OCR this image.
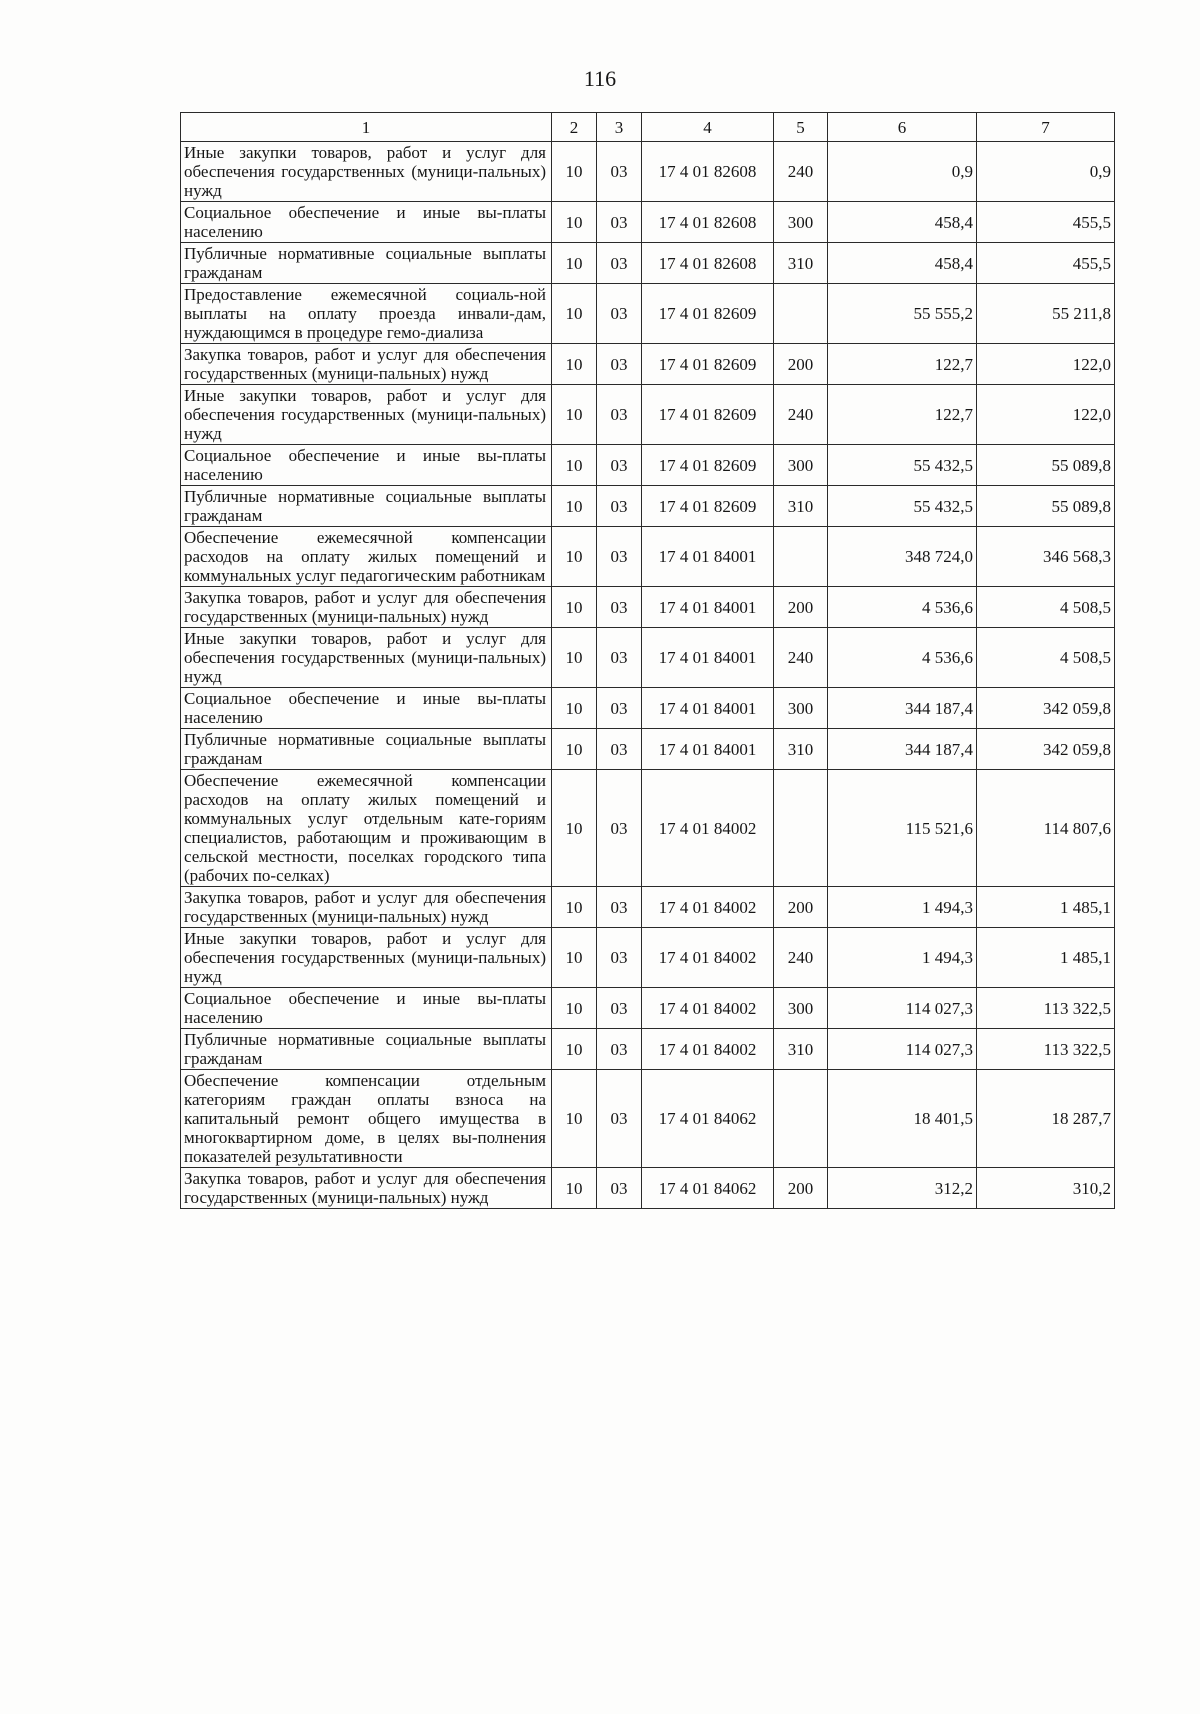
116
1	2	3	4	5	6	7
Иные закупки товаров, работ и услуг для обеспечения государственных (муници-пальных) нужд	10	03	17 4 01 82608	240	0,9	0,9
Социальное обеспечение и иные вы-платы населению	10	03	17 4 01 82608	300	458,4	455,5
Публичные нормативные социальные выплаты гражданам	10	03	17 4 01 82608	310	458,4	455,5
Предоставление ежемесячной социаль-ной выплаты на оплату проезда инвали-дам, нуждающимся в процедуре гемо-диализа	10	03	17 4 01 82609		55 555,2	55 211,8
Закупка товаров, работ и услуг для обеспечения государственных (муници-пальных) нужд	10	03	17 4 01 82609	200	122,7	122,0
Иные закупки товаров, работ и услуг для обеспечения государственных (муници-пальных) нужд	10	03	17 4 01 82609	240	122,7	122,0
Социальное обеспечение и иные вы-платы населению	10	03	17 4 01 82609	300	55 432,5	55 089,8
Публичные нормативные социальные выплаты гражданам	10	03	17 4 01 82609	310	55 432,5	55 089,8
Обеспечение ежемесячной компенсации расходов на оплату жилых помещений и коммунальных услуг педагогическим работникам	10	03	17 4 01 84001		348 724,0	346 568,3
Закупка товаров, работ и услуг для обеспечения государственных (муници-пальных) нужд	10	03	17 4 01 84001	200	4 536,6	4 508,5
Иные закупки товаров, работ и услуг для обеспечения государственных (муници-пальных) нужд	10	03	17 4 01 84001	240	4 536,6	4 508,5
Социальное обеспечение и иные вы-платы населению	10	03	17 4 01 84001	300	344 187,4	342 059,8
Публичные нормативные социальные выплаты гражданам	10	03	17 4 01 84001	310	344 187,4	342 059,8
Обеспечение ежемесячной компенсации расходов на оплату жилых помещений и коммунальных услуг отдельным кате-гориям специалистов, работающим и проживающим в сельской местности, поселках городского типа (рабочих по-селках)	10	03	17 4 01 84002		115 521,6	114 807,6
Закупка товаров, работ и услуг для обеспечения государственных (муници-пальных) нужд	10	03	17 4 01 84002	200	1 494,3	1 485,1
Иные закупки товаров, работ и услуг для обеспечения государственных (муници-пальных) нужд	10	03	17 4 01 84002	240	1 494,3	1 485,1
Социальное обеспечение и иные вы-платы населению	10	03	17 4 01 84002	300	114 027,3	113 322,5
Публичные нормативные социальные выплаты гражданам	10	03	17 4 01 84002	310	114 027,3	113 322,5
Обеспечение компенсации отдельным категориям граждан оплаты взноса на капитальный ремонт общего имущества в многоквартирном доме, в целях вы-полнения показателей результативности	10	03	17 4 01 84062		18 401,5	18 287,7
Закупка товаров, работ и услуг для обеспечения государственных (муници-пальных) нужд	10	03	17 4 01 84062	200	312,2	310,2
